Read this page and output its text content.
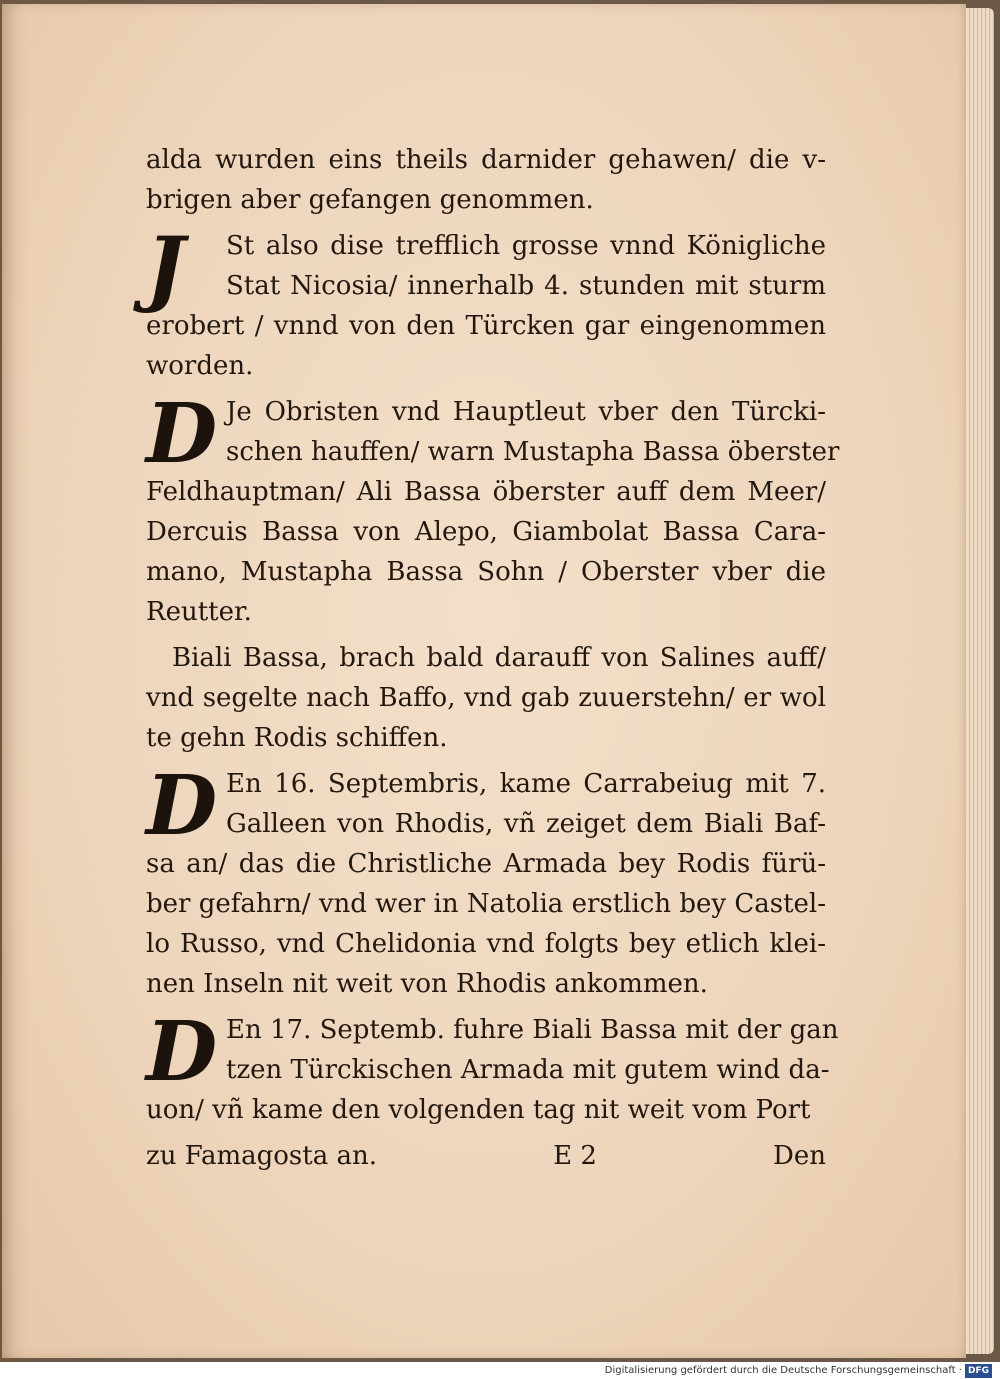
alda wurden eins theils darnider gehawen/ die v-
brigen aber gefangen genommen.
J	St also dise trefflich grosse vnnd Königliche
Stat Nicosia/ innerhalb 4. stunden mit sturm
erobert / vnnd von den Türcken gar eingenommen
worden.
D Je Obristen vnd Hauptleut vber den Türcki-
schen hauffen/ warn Mustapha Bassa öberster
Feldhauptman/ Ali Bassa öberster auff dem Meer/
Dercuis Bassa von Alepo, Giambolat Bassa Cara-
mano, Mustapha Bassa Sohn / Oberster vber die
Reutter.
Biali Bassa, brach bald darauff von Salines auff/
vnd segelte nach Baffo, vnd gab zuuerstehn/ er wol
te gehn Rodis schiffen.
D En 16. Septembris, kame Carrabeiug mit 7.
Galleen von Rhodis, vñ zeiget dem Biali Baf-
sa an/ das die Christliche Armada bey Rodis fürü-
ber gefahrn/ vnd wer in Natolia erstlich bey Castel-
lo Russo, vnd Chelidonia vnd folgts bey etlich klei-
nen Inseln nit weit von Rhodis ankommen.
D En 17. Septemb. fuhre Biali Bassa mit der gan
tzen Türckischen Armada mit gutem wind da-
uon/ vñ kame den volgenden tag nit weit vom Port
zu Famagosta an.	E 2	Den
Digitalisierung gefördert durch die Deutsche Forschungsgemeinschaft · DFG
